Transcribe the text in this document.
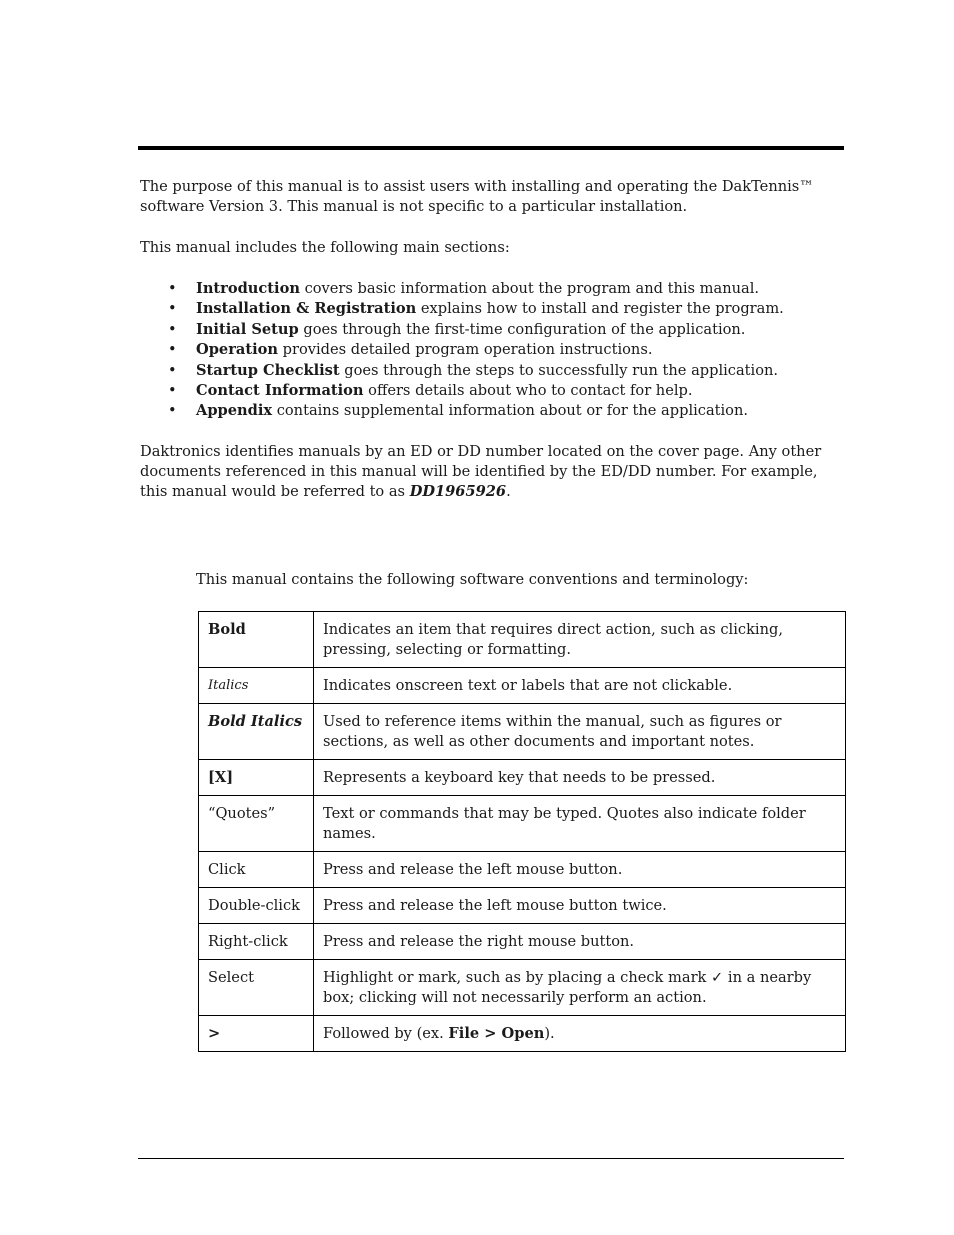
The purpose of this manual is to assist users with installing and operating the DakTennis™ software Version 3. This manual is not specific to a particular installation.

This manual includes the following main sections:

• Introduction covers basic information about the program and this manual.
• Installation & Registration explains how to install and register the program.
• Initial Setup goes through the first-time configuration of the application.
• Operation provides detailed program operation instructions.
• Startup Checklist goes through the steps to successfully run the application.
• Contact Information offers details about who to contact for help.
• Appendix contains supplemental information about or for the application.

Daktronics identifies manuals by an ED or DD number located on the cover page. Any other documents referenced in this manual will be identified by the ED/DD number. For example, this manual would be referred to as DD1965926.

This manual contains the following software conventions and terminology:

Bold	Indicates an item that requires direct action, such as clicking, pressing, selecting or formatting.
Italics	Indicates onscreen text or labels that are not clickable.
Bold Italics	Used to reference items within the manual, such as figures or sections, as well as other documents and important notes.
[X]	Represents a keyboard key that needs to be pressed.
“Quotes”	Text or commands that may be typed. Quotes also indicate folder names.
Click	Press and release the left mouse button.
Double-click	Press and release the left mouse button twice.
Right-click	Press and release the right mouse button.
Select	Highlight or mark, such as by placing a check mark ✓ in a nearby box; clicking will not necessarily perform an action.
>	Followed by (ex. File > Open).
